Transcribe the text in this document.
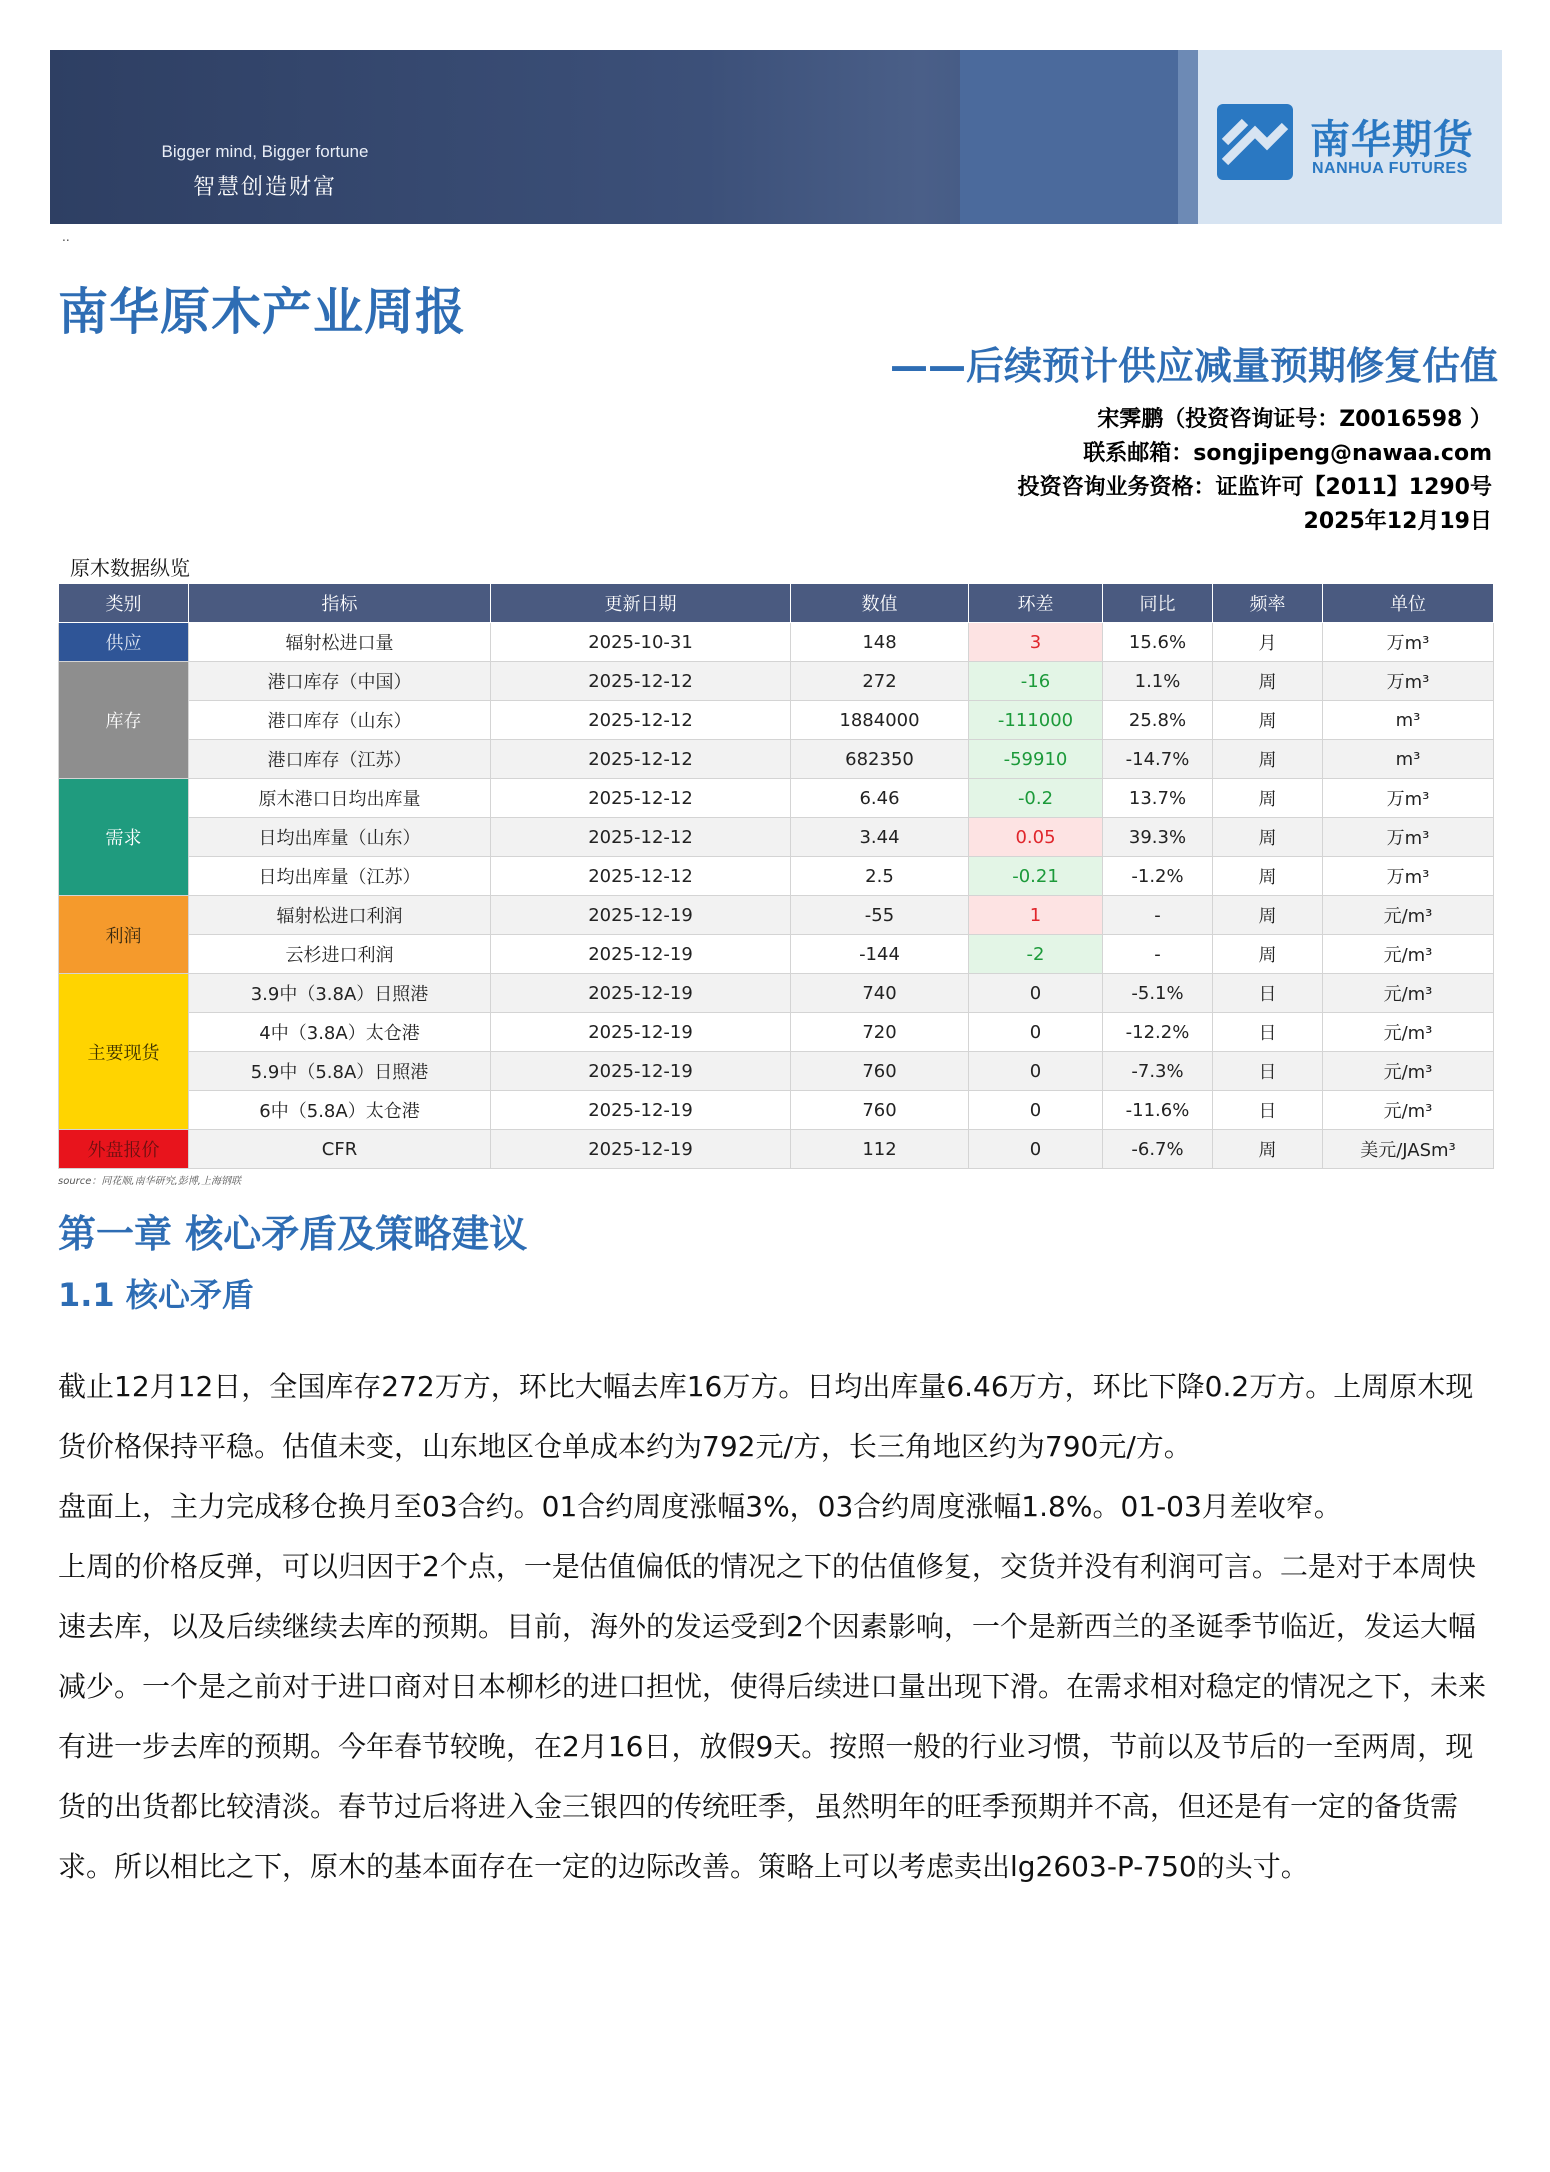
Bigger mind, Bigger fortune
智慧创造财富
南华期货
NANHUA FUTURES
..
南华原木产业周报
——后续预计供应减量预期修复估值
宋霁鹏（投资咨询证号：Z0016598 ）
联系邮箱：songjipeng@nawaa.com
投资咨询业务资格：证监许可【2011】1290号
2025年12月19日
原木数据纵览
类别	指标	更新日期	数值	环差	同比	频率	单位
供应	辐射松进口量	2025-10-31	148	3	15.6%	月	万m³
库存	港口库存（中国）	2025-12-12	272	-16	1.1%	周	万m³
	港口库存（山东）	2025-12-12	1884000	-111000	25.8%	周	m³
	港口库存（江苏）	2025-12-12	682350	-59910	-14.7%	周	m³
需求	原木港口日均出库量	2025-12-12	6.46	-0.2	13.7%	周	万m³
	日均出库量（山东）	2025-12-12	3.44	0.05	39.3%	周	万m³
	日均出库量（江苏）	2025-12-12	2.5	-0.21	-1.2%	周	万m³
利润	辐射松进口利润	2025-12-19	-55	1	-	周	元/m³
	云杉进口利润	2025-12-19	-144	-2	-	周	元/m³
主要现货	3.9中（3.8A）日照港	2025-12-19	740	0	-5.1%	日	元/m³
	4中（3.8A）太仓港	2025-12-19	720	0	-12.2%	日	元/m³
	5.9中（5.8A）日照港	2025-12-19	760	0	-7.3%	日	元/m³
	6中（5.8A）太仓港	2025-12-19	760	0	-11.6%	日	元/m³
外盘报价	CFR	2025-12-19	112	0	-6.7%	周	美元/JASm³
source：同花顺,南华研究,彭博,上海钢联
第一章 核心矛盾及策略建议
1.1 核心矛盾

截止12月12日，全国库存272万方，环比大幅去库16万方。日均出库量6.46万方，环比下降0.2万方。上周原木现货价格保持平稳。估值未变，山东地区仓单成本约为792元/方，长三角地区约为790元/方。

盘面上，主力完成移仓换月至03合约。01合约周度涨幅3%，03合约周度涨幅1.8%。01-03月差收窄。

上周的价格反弹，可以归因于2个点，一是估值偏低的情况之下的估值修复，交货并没有利润可言。二是对于本周快速去库，以及后续继续去库的预期。目前，海外的发运受到2个因素影响，一个是新西兰的圣诞季节临近，发运大幅减少。一个是之前对于进口商对日本柳杉的进口担忧，使得后续进口量出现下滑。在需求相对稳定的情况之下，未来有进一步去库的预期。今年春节较晚，在2月16日，放假9天。按照一般的行业习惯，节前以及节后的一至两周，现货的出货都比较清淡。春节过后将进入金三银四的传统旺季，虽然明年的旺季预期并不高，但还是有一定的备货需求。所以相比之下，原木的基本面存在一定的边际改善。策略上可以考虑卖出lg2603-P-750的头寸。
